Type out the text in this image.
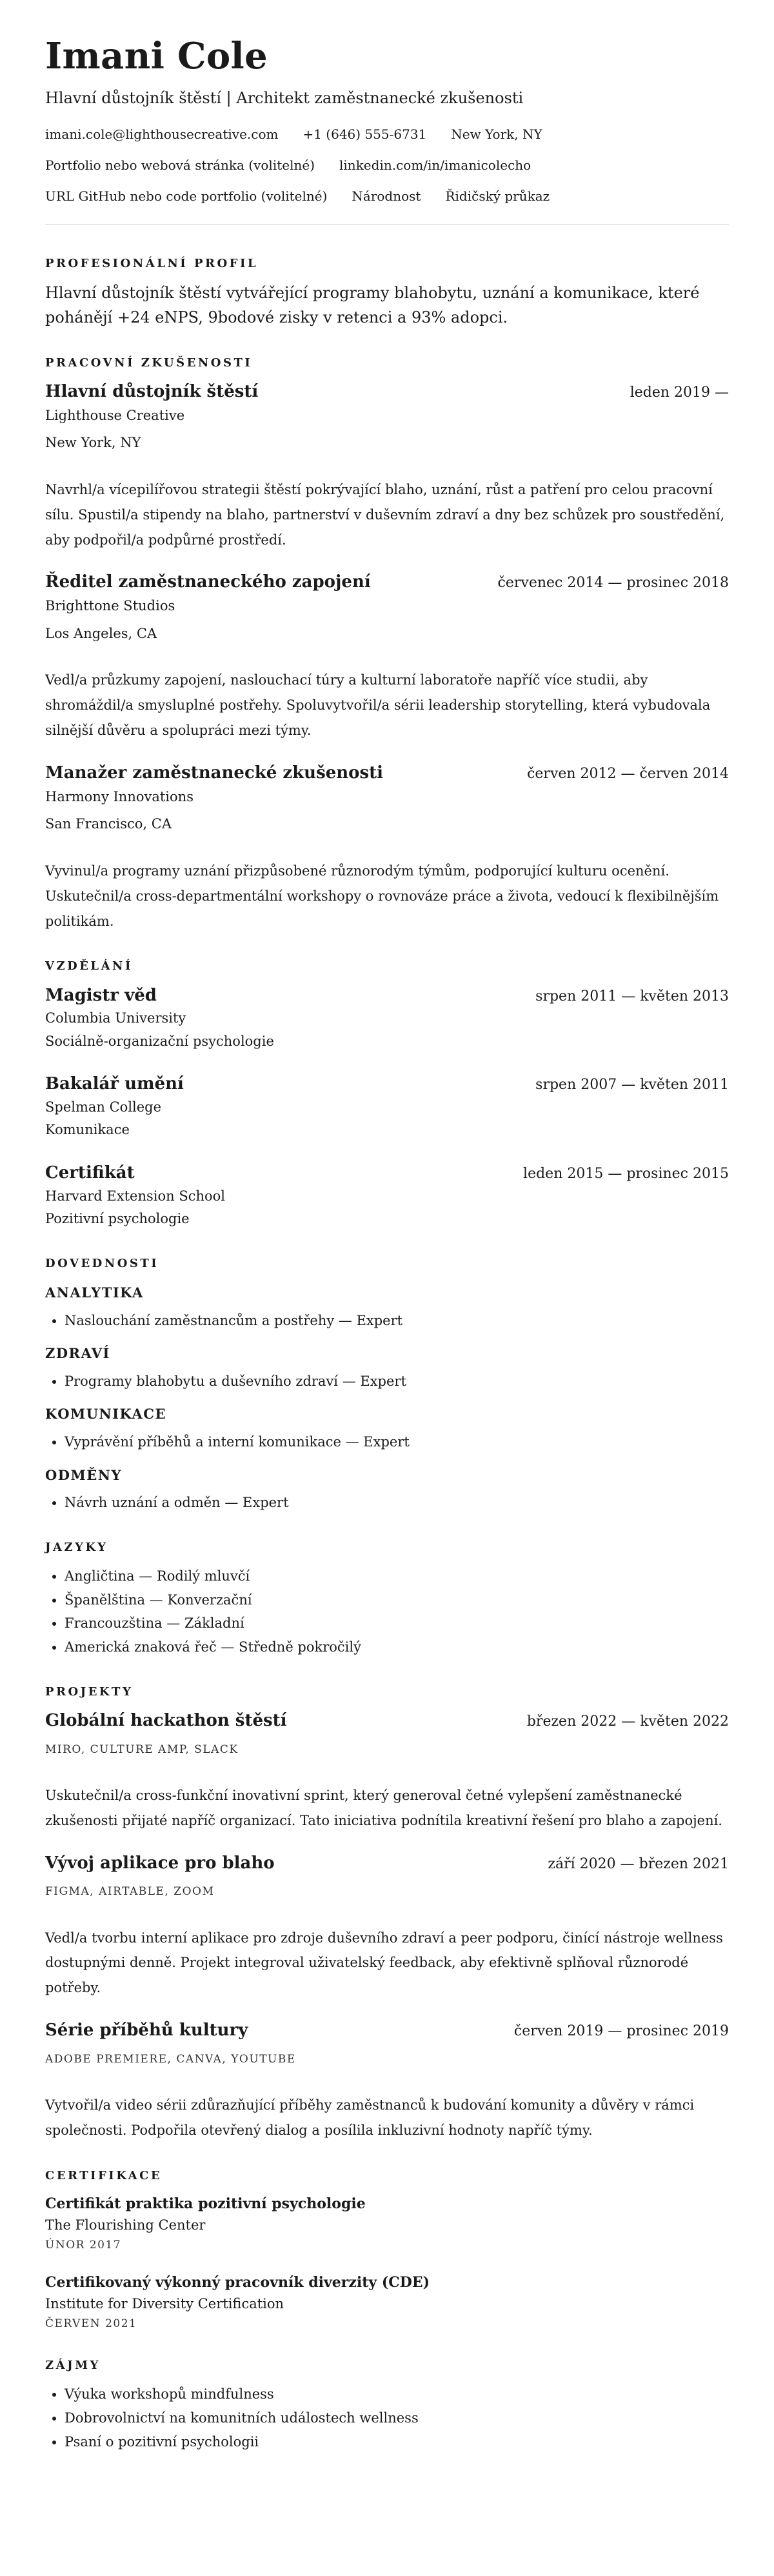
Imani Cole
Hlavní důstojník štěstí | Architekt zaměstnanecké zkušenosti
imani.cole@lighthousecreative.com +1 (646) 555-6731 New York, NY
Portfolio nebo webová stránka (volitelné) linkedin.com/in/imanicolecho
URL GitHub nebo code portfolio (volitelné) Národnost Řidičský průkaz
PROFESIONÁLNÍ PROFIL

Hlavní důstojník štěstí vytvářející programy blahobytu, uznání a komunikace, které pohánějí +24 eNPS, 9bodové zisky v retenci a 93% adopci.

PRACOVNÍ ZKUŠENOSTI
Hlavní důstojník štěstí	leden 2019 —
Lighthouse Creative
New York, NY

Navrhl/a vícepilířovou strategii štěstí pokrývající blaho, uznání, růst a patření pro celou pracovní sílu. Spustil/a stipendy na blaho, partnerství v duševním zdraví a dny bez schůzek pro soustředění, aby podpořil/a podpůrné prostředí.

Ředitel zaměstnaneckého zapojení	červenec 2014 — prosinec 2018
Brighttone Studios
Los Angeles, CA

Vedl/a průzkumy zapojení, naslouchací túry a kulturní laboratoře napříč více studii, aby shromáždil/a smysluplné postřehy. Spoluvytvořil/a sérii leadership storytelling, která vybudovala silnější důvěru a spolupráci mezi týmy.

Manažer zaměstnanecké zkušenosti	červen 2012 — červen 2014
Harmony Innovations
San Francisco, CA

Vyvinul/a programy uznání přizpůsobené různorodým týmům, podporující kulturu ocenění. Uskutečnil/a cross-departmentální workshopy o rovnováze práce a života, vedoucí k flexibilnějším politikám.

VZDĚLÁNÍ
Magistr věd	srpen 2011 — květen 2013
Columbia University
Sociálně-organizační psychologie
Bakalář umění	srpen 2007 — květen 2011
Spelman College
Komunikace
Certifikát	leden 2015 — prosinec 2015
Harvard Extension School
Pozitivní psychologie
DOVEDNOSTI
ANALYTIKA
• Naslouchání zaměstnancům a postřehy — Expert
ZDRAVÍ
• Programy blahobytu a duševního zdraví — Expert
KOMUNIKACE
• Vyprávění příběhů a interní komunikace — Expert
ODMĚNY
• Návrh uznání a odměn — Expert
JAZYKY
• Angličtina — Rodilý mluvčí
• Španělština — Konverzační
• Francouzština — Základní
• Americká znaková řeč — Středně pokročilý
PROJEKTY
Globální hackathon štěstí	březen 2022 — květen 2022
MIRO, CULTURE AMP, SLACK

Uskutečnil/a cross-funkční inovativní sprint, který generoval četné vylepšení zaměstnanecké zkušenosti přijaté napříč organizací. Tato iniciativa podnítila kreativní řešení pro blaho a zapojení.

Vývoj aplikace pro blaho	září 2020 — březen 2021
FIGMA, AIRTABLE, ZOOM

Vedl/a tvorbu interní aplikace pro zdroje duševního zdraví a peer podporu, činící nástroje wellness dostupnými denně. Projekt integroval uživatelský feedback, aby efektivně splňoval různorodé potřeby.

Série příběhů kultury	červen 2019 — prosinec 2019
ADOBE PREMIERE, CANVA, YOUTUBE

Vytvořil/a video sérii zdůrazňující příběhy zaměstnanců k budování komunity a důvěry v rámci společnosti. Podpořila otevřený dialog a posílila inkluzivní hodnoty napříč týmy.

CERTIFIKACE
Certifikát praktika pozitivní psychologie
The Flourishing Center
ÚNOR 2017
Certifikovaný výkonný pracovník diverzity (CDE)
Institute for Diversity Certification
ČERVEN 2021
ZÁJMY
• Výuka workshopů mindfulness
• Dobrovolnictví na komunitních událostech wellness
• Psaní o pozitivní psychologii
